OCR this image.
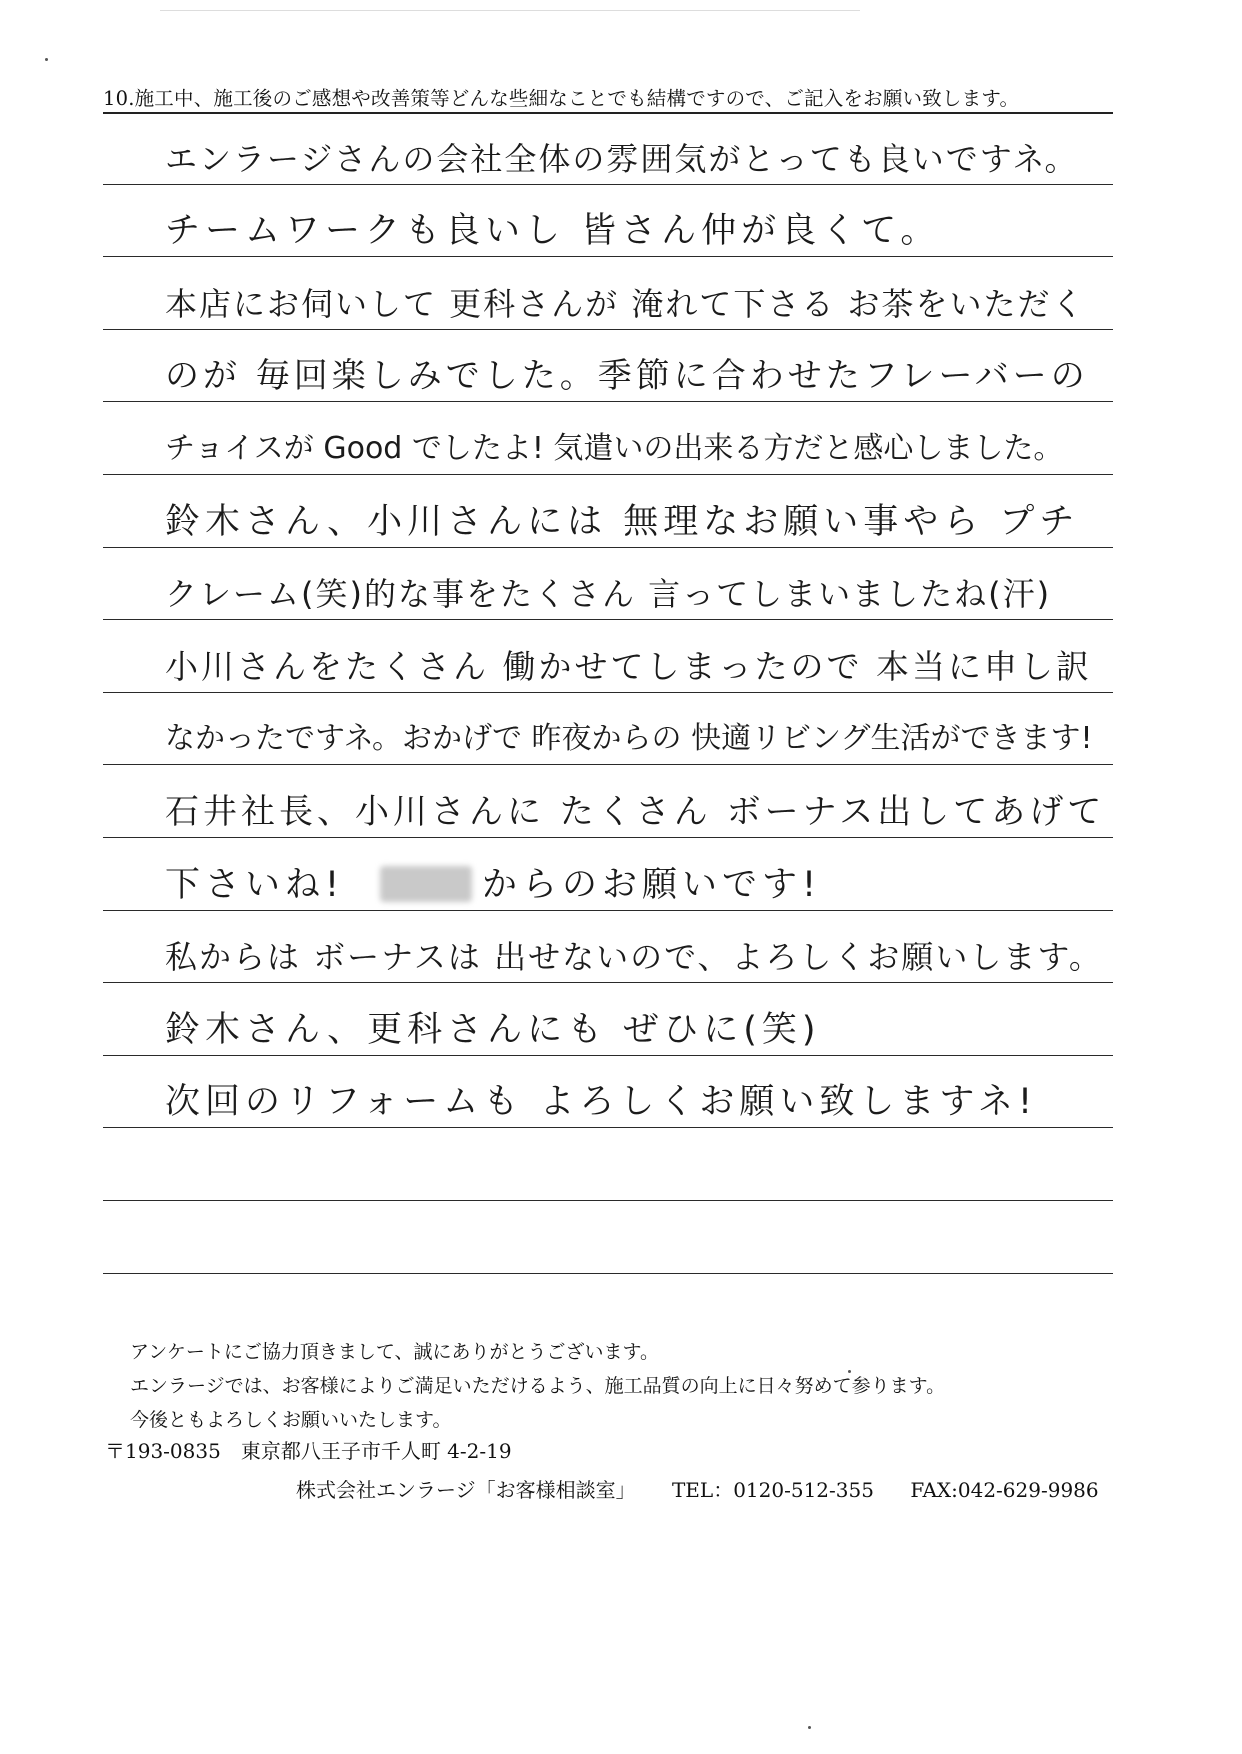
10.施工中、施工後のご感想や改善策等どんな些細なことでも結構ですので、ご記入をお願い致します。
エンラージさんの会社全体の雰囲気がとっても良いですネ。
チームワークも良いし 皆さん仲が良くて。
本店にお伺いして 更科さんが 淹れて下さる お茶をいただく
のが 毎回楽しみでした。季節に合わせたフレーバーの
チョイスが Good でしたよ! 気遣いの出来る方だと感心しました。
鈴木さん、小川さんには 無理なお願い事やら プチ
クレーム(笑)的な事をたくさん 言ってしまいましたね(汗)
小川さんをたくさん 働かせてしまったので 本当に申し訳
なかったですネ。おかげで 昨夜からの 快適リビング生活ができます!
石井社長、小川さんに たくさん ボーナス出してあげて
下さいね!	からのお願いです!
私からは ボーナスは 出せないので、よろしくお願いします。
鈴木さん、更科さんにも ぜひに(笑)
次回のリフォームも よろしくお願い致しますネ!

アンケートにご協力頂きまして、誠にありがとうございます。

エンラージでは、お客様によりご満足いただけるよう、施工品質の向上に日々努めて参ります。

今後ともよろしくお願いいたします。

〒193-0835　東京都八王子市千人町 4-2-19
株式会社エンラージ「お客様相談室」 TEL：0120-512-355 FAX:042-629-9986
